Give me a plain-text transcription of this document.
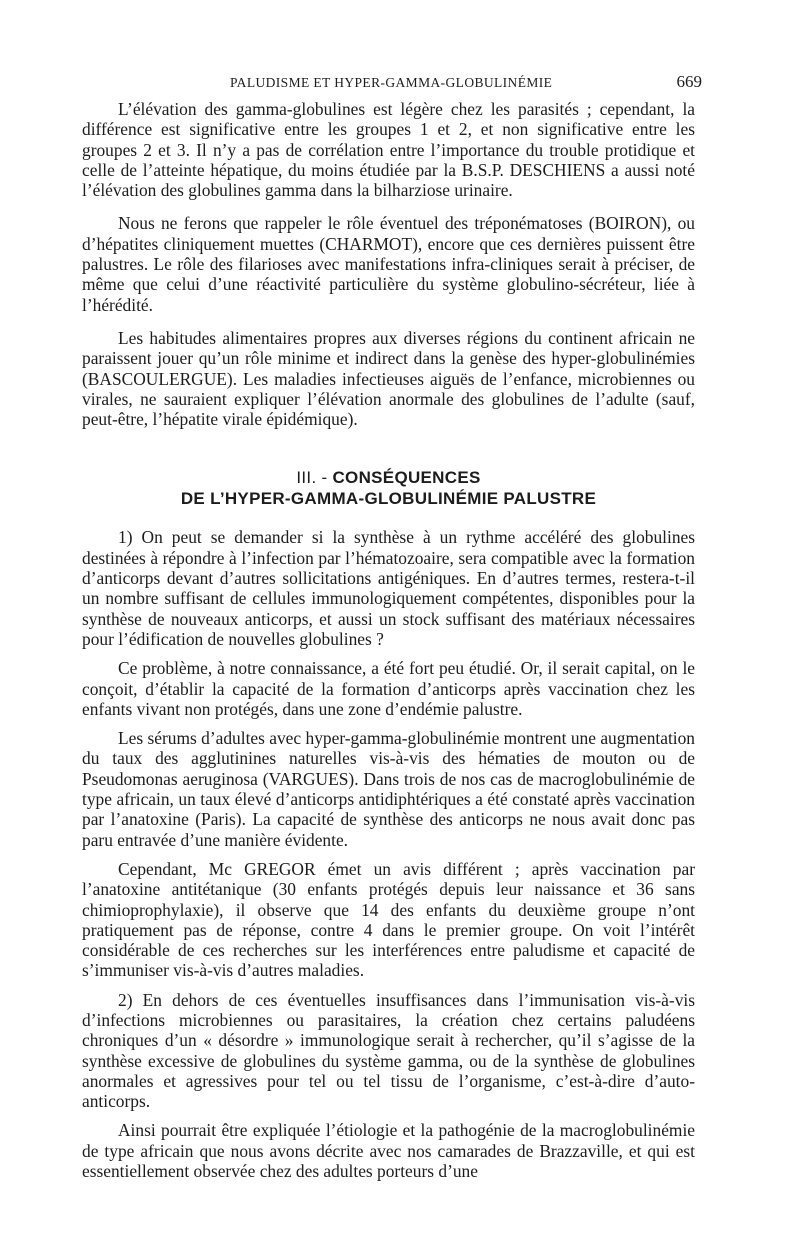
PALUDISME ET HYPER-GAMMA-GLOBULINÉMIE	669

L’élévation des gamma-globulines est légère chez les parasités ; cependant, la différence est significative entre les groupes 1 et 2, et non significative entre les groupes 2 et 3. Il n’y a pas de corrélation entre l’importance du trouble protidique et celle de l’atteinte hépatique, du moins étudiée par la B.S.P. DESCHIENS a aussi noté l’élévation des globulines gamma dans la bilharziose urinaire.

Nous ne ferons que rappeler le rôle éventuel des tréponématoses (BOIRON), ou d’hépatites cliniquement muettes (CHARMOT), encore que ces dernières puissent être palustres. Le rôle des filarioses avec manifestations infra-cliniques serait à préciser, de même que celui d’une réactivité particulière du système globulino-sécréteur, liée à l’hérédité.

Les habitudes alimentaires propres aux diverses régions du continent africain ne paraissent jouer qu’un rôle minime et indirect dans la genèse des hyper-globulinémies (BASCOULERGUE). Les maladies infectieuses aiguës de l’enfance, microbiennes ou virales, ne sauraient expliquer l’élévation anormale des globulines de l’adulte (sauf, peut-être, l’hépatite virale épidémique).

III. - CONSÉQUENCES
DE L’HYPER-GAMMA-GLOBULINÉMIE PALUSTRE

1) On peut se demander si la synthèse à un rythme accéléré des globulines destinées à répondre à l’infection par l’hématozoaire, sera compatible avec la formation d’anticorps devant d’autres sollicitations antigéniques. En d’autres termes, restera-t-il un nombre suffisant de cellules immunologiquement compétentes, disponibles pour la synthèse de nouveaux anticorps, et aussi un stock suffisant des matériaux nécessaires pour l’édification de nouvelles globulines ?

Ce problème, à notre connaissance, a été fort peu étudié. Or, il serait capital, on le conçoit, d’établir la capacité de la formation d’anticorps après vaccination chez les enfants vivant non protégés, dans une zone d’endémie palustre.

Les sérums d’adultes avec hyper-gamma-globulinémie montrent une augmentation du taux des agglutinines naturelles vis-à-vis des hématies de mouton ou de Pseudomonas aeruginosa (VARGUES). Dans trois de nos cas de macroglobulinémie de type africain, un taux élevé d’anticorps antidiphtériques a été constaté après vaccination par l’anatoxine (Paris). La capacité de synthèse des anticorps ne nous avait donc pas paru entravée d’une manière évidente.

Cependant, Mc GREGOR émet un avis différent ; après vaccination par l’anatoxine antitétanique (30 enfants protégés depuis leur naissance et 36 sans chimioprophylaxie), il observe que 14 des enfants du deuxième groupe n’ont pratiquement pas de réponse, contre 4 dans le premier groupe. On voit l’intérêt considérable de ces recherches sur les interférences entre paludisme et capacité de s’immuniser vis-à-vis d’autres maladies.

2) En dehors de ces éventuelles insuffisances dans l’immunisation vis-à-vis d’infections microbiennes ou parasitaires, la création chez certains paludéens chroniques d’un « désordre » immunologique serait à rechercher, qu’il s’agisse de la synthèse excessive de globulines du système gamma, ou de la synthèse de globulines anormales et agressives pour tel ou tel tissu de l’organisme, c’est-à-dire d’auto-anticorps.

Ainsi pourrait être expliquée l’étiologie et la pathogénie de la macroglobulinémie de type africain que nous avons décrite avec nos camarades de Brazzaville, et qui est essentiellement observée chez des adultes porteurs d’une
